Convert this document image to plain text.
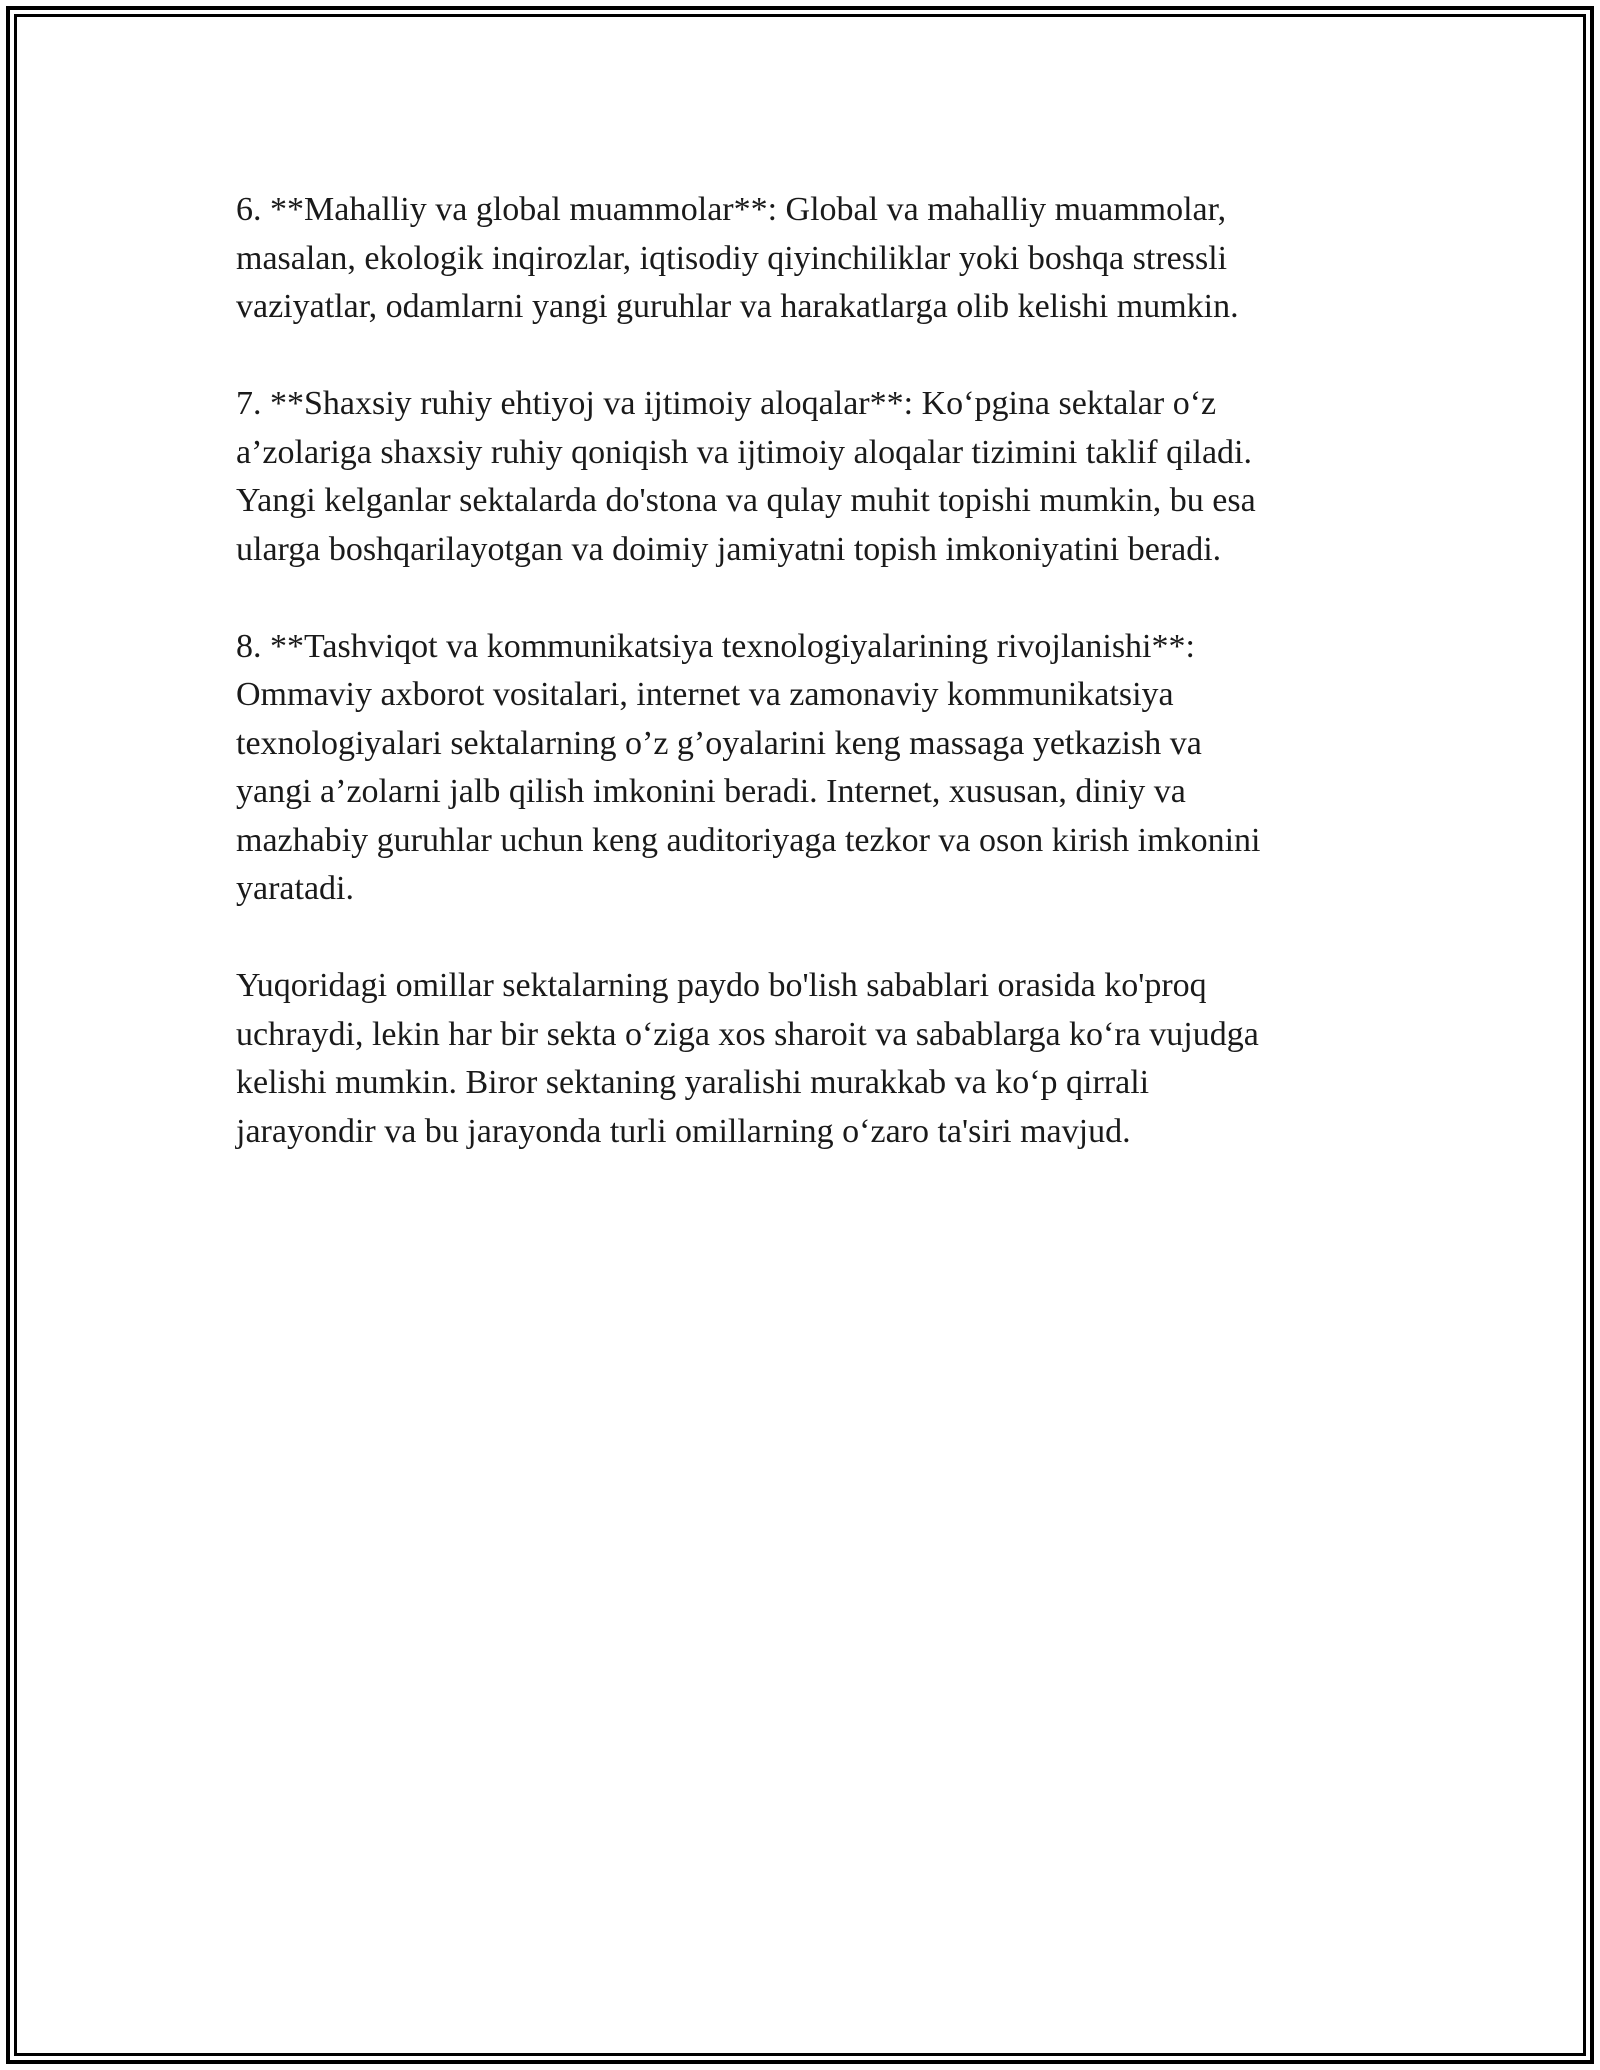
6. **Mahalliy va global muammolar**: Global va mahalliy muammolar,
masalan, ekologik inqirozlar, iqtisodiy qiyinchiliklar yoki boshqa stressli
vaziyatlar, odamlarni yangi guruhlar va harakatlarga olib kelishi mumkin.

7. **Shaxsiy ruhiy ehtiyoj va ijtimoiy aloqalar**: Ko‘pgina sektalar o‘z
a’zolariga shaxsiy ruhiy qoniqish va ijtimoiy aloqalar tizimini taklif qiladi.
Yangi kelganlar sektalarda do'stona va qulay muhit topishi mumkin, bu esa
ularga boshqarilayotgan va doimiy jamiyatni topish imkoniyatini beradi.

8. **Tashviqot va kommunikatsiya texnologiyalarining rivojlanishi**:
Ommaviy axborot vositalari, internet va zamonaviy kommunikatsiya
texnologiyalari sektalarning o’z g’oyalarini keng massaga yetkazish va
yangi a’zolarni jalb qilish imkonini beradi. Internet, xususan, diniy va
mazhabiy guruhlar uchun keng auditoriyaga tezkor va oson kirish imkonini
yaratadi.

Yuqoridagi omillar sektalarning paydo bo'lish sabablari orasida ko'proq
uchraydi, lekin har bir sekta o‘ziga xos sharoit va sabablarga ko‘ra vujudga
kelishi mumkin. Biror sektaning yaralishi murakkab va ko‘p qirrali
jarayondir va bu jarayonda turli omillarning o‘zaro ta'siri mavjud.
